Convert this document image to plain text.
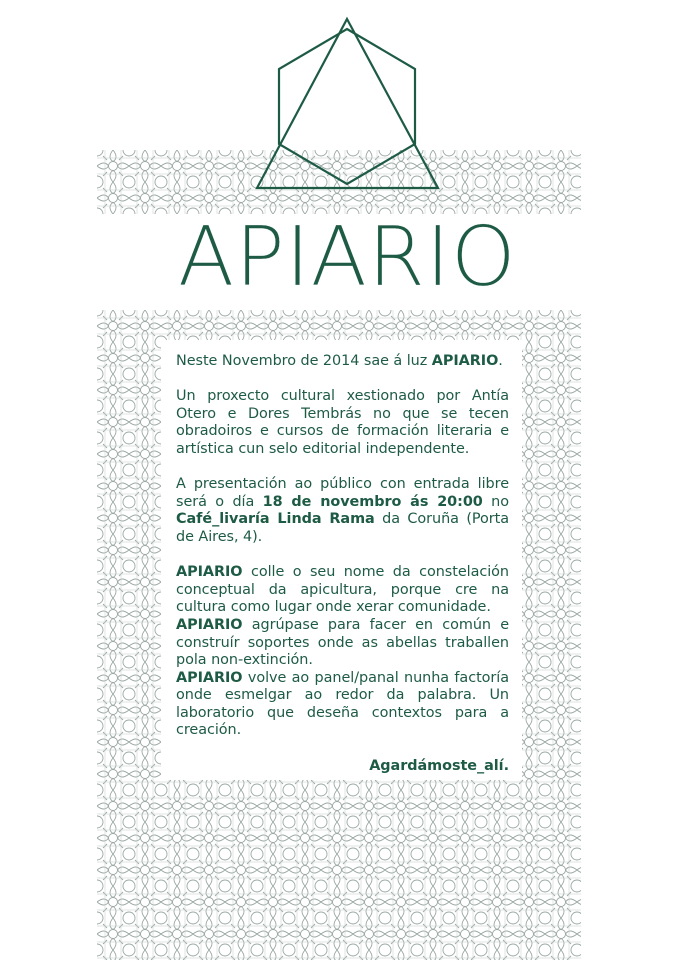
APIARIO

Neste Novembro de 2014 sae á luz APIARIO.

Un proxecto cultural xestionado por Antía Otero e Dores Tembrás no que se tecen obradoiros e cursos de formación literaria e artística cun selo editorial independente.

A presentación ao público con entrada libre será o día 18 de novembro ás 20:00 no Café_livaría Linda Rama da Coruña (Porta de Aires, 4).

APIARIO colle o seu nome da constelación conceptual da apicultura, porque cre na cultura como lugar onde xerar comunidade.

APIARIO agrúpase para facer en común e construír soportes onde as abellas traballen pola non-extinción.

APIARIO volve ao panel/panal nunha factoría onde esmelgar ao redor da palabra. Un laboratorio que deseña contextos para a creación.

Agardámoste_alí.
